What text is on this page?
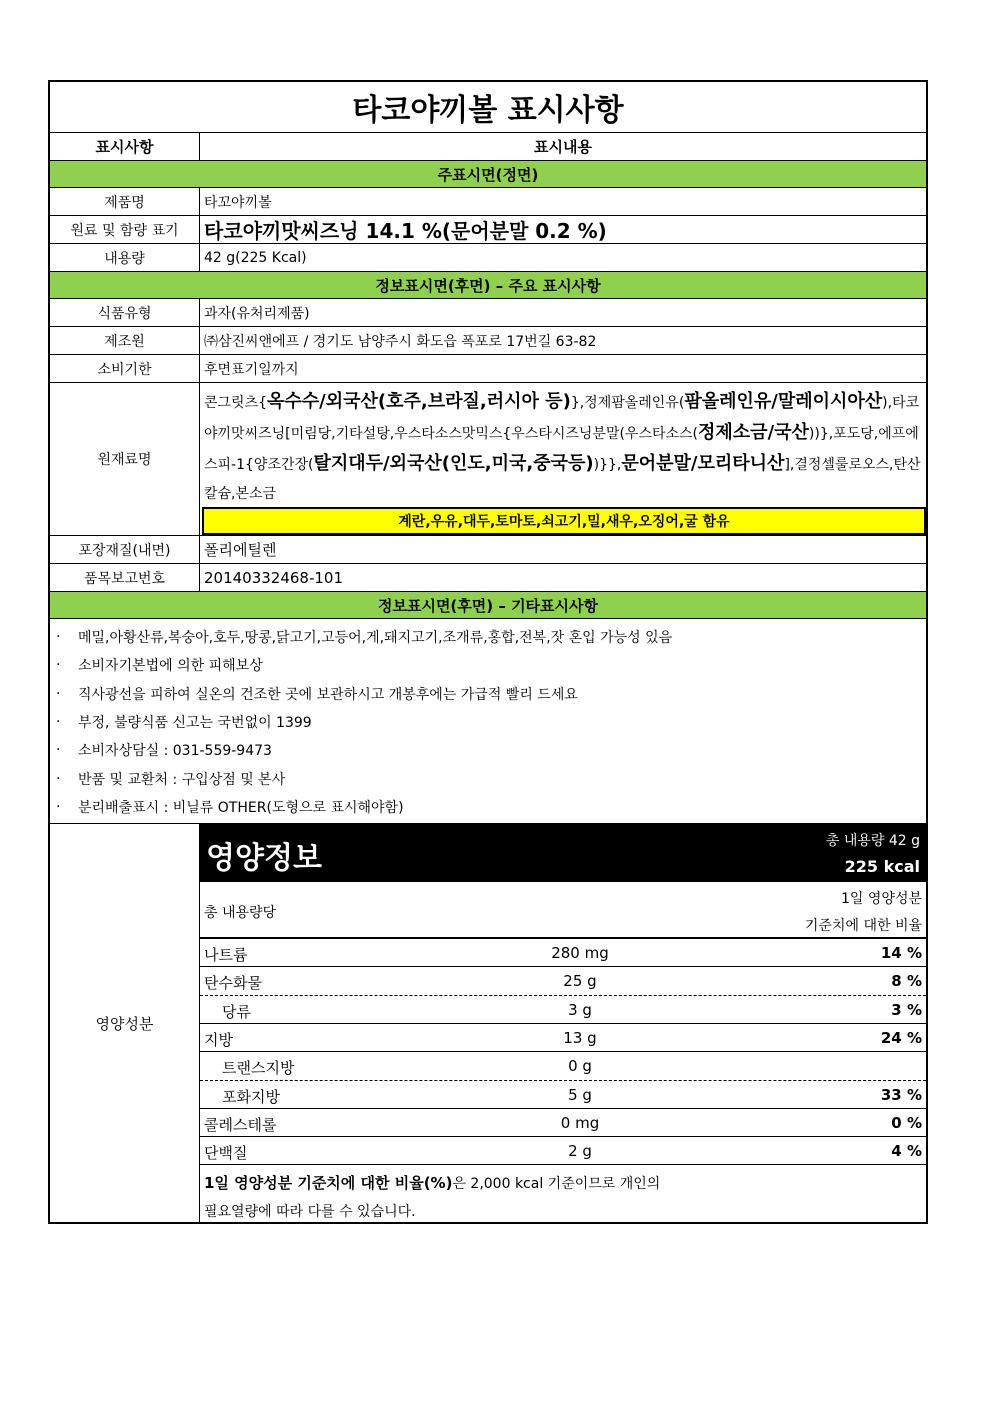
타코야끼볼 표시사항
표시사항	표시내용
주표시면(정면)
제품명	타꼬야끼볼
원료 및 함량 표기	타코야끼맛씨즈닝 14.1 %(문어분말 0.2 %)
내용량	42 g(225 Kcal)
정보표시면(후면) – 주요 표시사항
식품유형	과자(유처리제품)
제조원	㈜삼진씨앤에프 / 경기도 남양주시 화도읍 폭포로 17번길 63-82
소비기한	후면표기일까지
원재료명
콘그릿츠{옥수수/외국산(호주,브라질,러시아 등)},정제팜올레인유(팜올레인유/말레이시아산),타코야끼맛씨즈닝[미림당,기타설탕,우스타소스맛믹스{우스타시즈닝분말(우스타소스(정제소금/국산))},포도당,에프에스피-1{양조간장(탈지대두/외국산(인도,미국,중국등))}},문어분말/모리타니산],결정셀룰로오스,탄산칼슘,본소금
계란,우유,대두,토마토,쇠고기,밀,새우,오징어,굴 함유
포장재질(내면)	폴리에틸렌
품목보고번호	20140332468-101
정보표시면(후면) – 기타표시사항
·	메밀,아황산류,복숭아,호두,땅콩,닭고기,고등어,게,돼지고기,조개류,홍합,전복,잣 혼입 가능성 있음
·	소비자기본법에 의한 피해보상
·	직사광선을 피하여 실온의 건조한 곳에 보관하시고 개봉후에는 가급적 빨리 드세요
·	부정, 불량식품 신고는 국번없이 1399
·	소비자상담실 : 031-559-9473
·	반품 및 교환처 : 구입상점 및 본사
·	분리배출표시 : 비닐류 OTHER(도형으로 표시해야함)
영양성분
영양정보	총 내용량 42 g
225 kcal
총 내용량당
1일 영양성분
기준치에 대한 비율
나트륨	280 mg	14 %
탄수화물	25 g	8 %
당류	3 g	3 %
지방	13 g	24 %
트랜스지방	0 g
포화지방	5 g	33 %
콜레스테롤	0 mg	0 %
단백질	2 g	4 %
1일 영양성분 기준치에 대한 비율(%)은 2,000 kcal 기준이므로 개인의
필요열량에 따라 다를 수 있습니다.
